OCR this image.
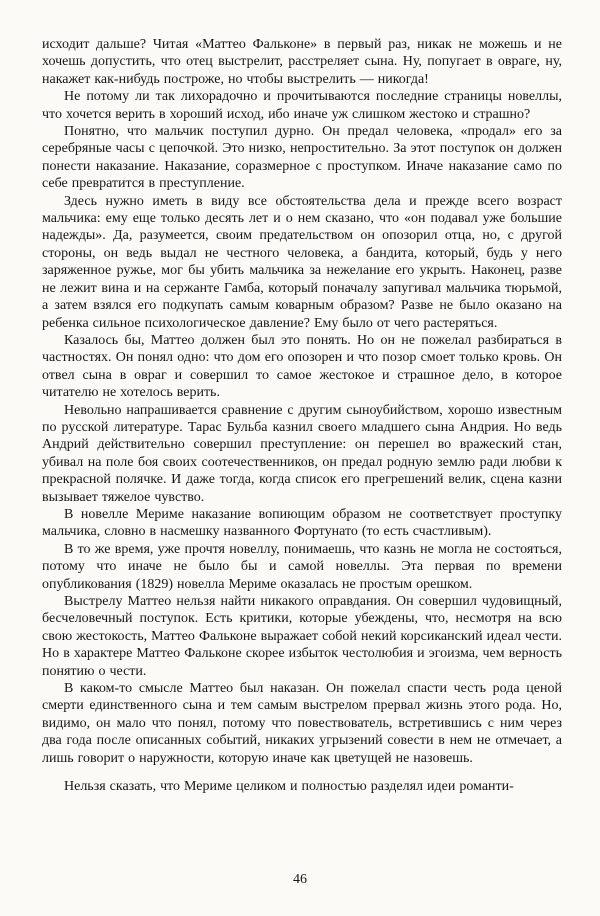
исходит дальше? Читая «Маттео Фальконе» в первый раз, никак не можешь и не хочешь допустить, что отец выстрелит, расстреляет сына. Ну, попугает в овраге, ну, накажет как-нибудь построже, но чтобы выстрелить — никогда!

Не потому ли так лихорадочно и прочитываются последние страницы новеллы, что хочется верить в хороший исход, ибо иначе уж слишком жестоко и страшно?

Понятно, что мальчик поступил дурно. Он предал человека, «продал» его за серебряные часы с цепочкой. Это низко, непростительно. За этот поступок он должен понести наказание. Наказание, соразмерное с проступком. Иначе наказание само по себе превратится в преступление.

Здесь нужно иметь в виду все обстоятельства дела и прежде всего возраст мальчика: ему еще только десять лет и о нем сказано, что «он подавал уже большие надежды». Да, разумеется, своим предательством он опозорил отца, но, с другой стороны, он ведь выдал не честного человека, а бандита, который, будь у него заряженное ружье, мог бы убить мальчика за нежелание его укрыть. Наконец, разве не лежит вина и на сержанте Гамба, который поначалу запугивал мальчика тюрьмой, а затем взялся его подкупать самым коварным образом? Разве не было оказано на ребенка сильное психологическое давление? Ему было от чего растеряться.

Казалось бы, Маттео должен был это понять. Но он не пожелал разбираться в частностях. Он понял одно: что дом его опозорен и что позор смоет только кровь. Он отвел сына в овраг и совершил то самое жестокое и страшное дело, в которое читателю не хотелось верить.

Невольно напрашивается сравнение с другим сыноубийством, хорошо известным по русской литературе. Тарас Бульба казнил своего младшего сына Андрия. Но ведь Андрий действительно совершил преступление: он перешел во вражеский стан, убивал на поле боя своих соотечественников, он предал родную землю ради любви к прекрасной полячке. И даже тогда, когда список его прегрешений велик, сцена казни вызывает тяжелое чувство.

В новелле Мериме наказание вопиющим образом не соответствует проступку мальчика, словно в насмешку названного Фортунато (то есть счастливым).

В то же время, уже прочтя новеллу, понимаешь, что казнь не могла не состояться, потому что иначе не было бы и самой новеллы. Эта первая по времени опубликования (1829) новелла Мериме оказалась не простым орешком.

Выстрелу Маттео нельзя найти никакого оправдания. Он совершил чудовищный, бесчеловечный поступок. Есть критики, которые убеждены, что, несмотря на всю свою жестокость, Маттео Фальконе выражает собой некий корсиканский идеал чести. Но в характере Маттео Фальконе скорее избыток честолюбия и эгоизма, чем верность понятию о чести.

В каком-то смысле Маттео был наказан. Он пожелал спасти честь рода ценой смерти единственного сына и тем самым выстрелом прервал жизнь этого рода. Но, видимо, он мало что понял, потому что повествователь, встретившись с ним через два года после описанных событий, никаких угрызений совести в нем не отмечает, а лишь говорит о наружности, которую иначе как цветущей не назовешь.

Нельзя сказать, что Мериме целиком и полностью разделял идеи романти-

46
